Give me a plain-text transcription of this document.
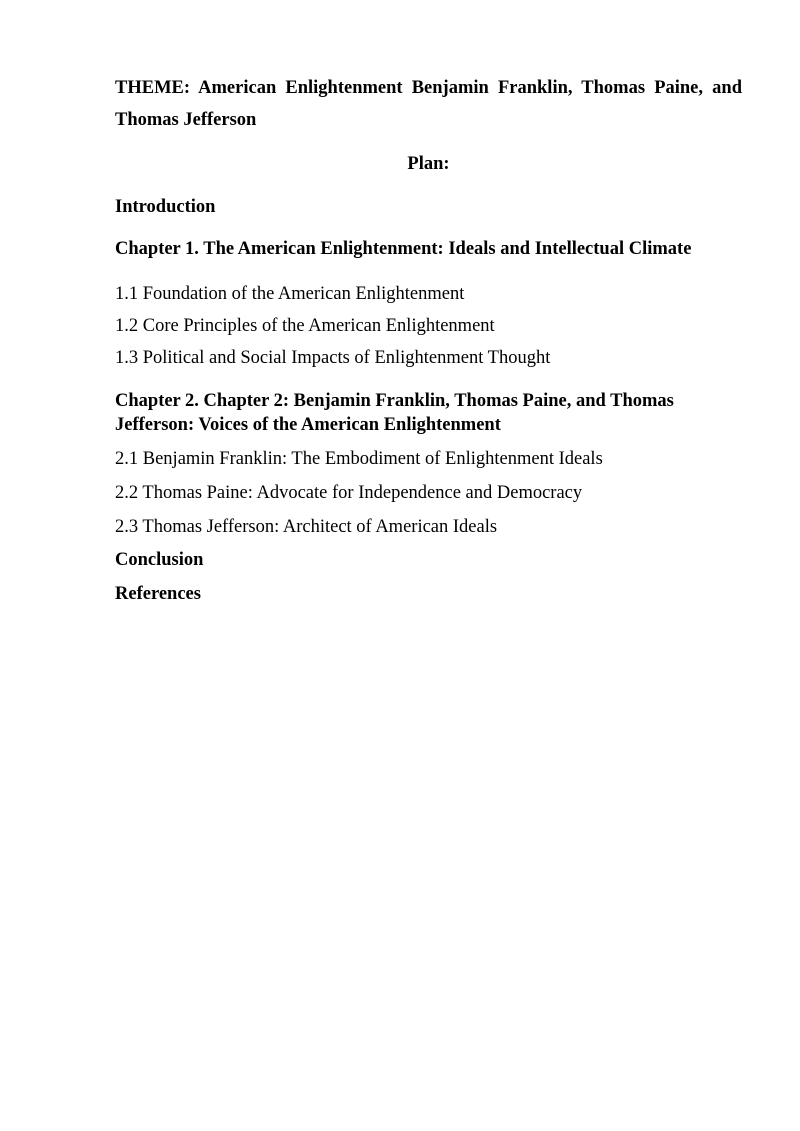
THEME: American Enlightenment Benjamin Franklin, Thomas Paine, and Thomas Jefferson
Plan:
Introduction
Chapter 1. The American Enlightenment: Ideals and Intellectual Climate
1.1 Foundation of the American Enlightenment
1.2 Core Principles of the American Enlightenment
1.3 Political and Social Impacts of Enlightenment Thought
Chapter 2. Chapter 2: Benjamin Franklin, Thomas Paine, and Thomas Jefferson: Voices of the American Enlightenment
2.1 Benjamin Franklin: The Embodiment of Enlightenment Ideals
2.2 Thomas Paine: Advocate for Independence and Democracy
2.3 Thomas Jefferson: Architect of American Ideals
Conclusion
References
